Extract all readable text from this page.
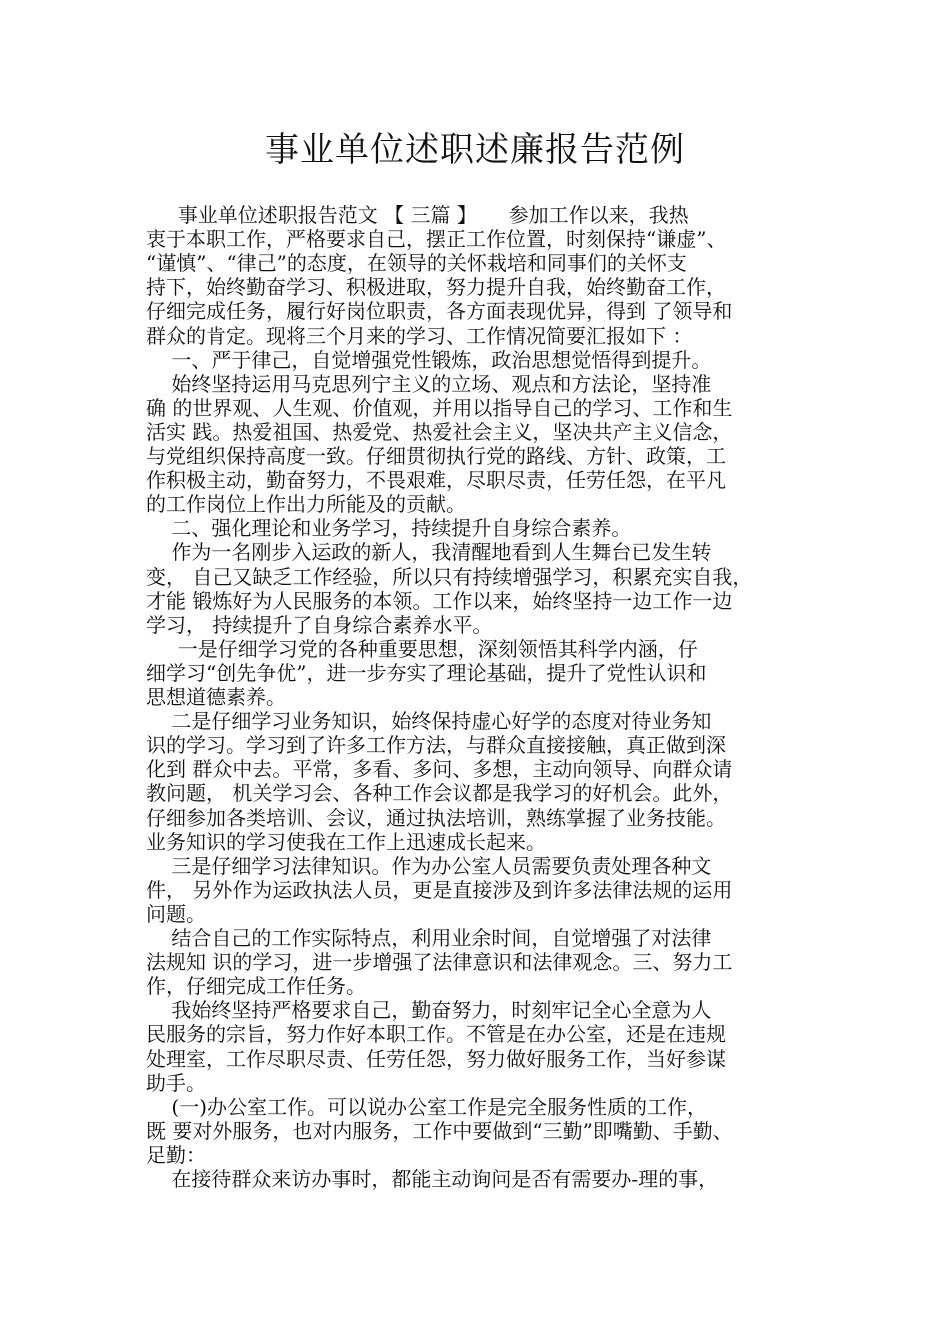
事业单位述职述廉报告范例
事业单位述职报告范文 【 三篇 】     参加工作以来，我热
衷于本职工作，严格要求自己，摆正工作位置，时刻保持“谦虚”、
“谨慎”、“律己”的态度，在领导的关怀栽培和同事们的关怀支
持下，始终勤奋学习、积极进取，努力提升自我，始终勤奋工作，
仔细完成任务，履行好岗位职责，各方面表现优异，得到 了领导和
群众的肯定。现将三个月来的学习、工作情况简要汇报如下 ：
一、严于律己，自觉增强党性锻炼，政治思想觉悟得到提升。
始终坚持运用马克思列宁主义的立场、观点和方法论，坚持准
确 的世界观、人生观、价值观，并用以指导自己的学习、工作和生
活实 践。热爱祖国、热爱党、热爱社会主义，坚决共产主义信念，
与党组织保持高度一致。仔细贯彻执行党的路线、方针、政策，工
作积极主动，勤奋努力，不畏艰难，尽职尽责，任劳任怨，在平凡
的工作岗位上作出力所能及的贡献。
二、强化理论和业务学习，持续提升自身综合素养。
作为一名刚步入运政的新人，我清醒地看到人生舞台已发生转
变， 自己又缺乏工作经验，所以只有持续增强学习，积累充实自我，
才能 锻炼好为人民服务的本领。工作以来，始终坚持一边工作一边
学习， 持续提升了自身综合素养水平。
一是仔细学习党的各种重要思想，深刻领悟其科学内涵，仔
细学习“创先争优”，进一步夯实了理论基础，提升了党性认识和
思想道德素养。
二是仔细学习业务知识，始终保持虚心好学的态度对待业务知
识的学习。学习到了许多工作方法，与群众直接接触，真正做到深
化到 群众中去。平常，多看、多问、多想，主动向领导、向群众请
教问题， 机关学习会、各种工作会议都是我学习的好机会。此外，
仔细参加各类培训、会议，通过执法培训，熟练掌握了业务技能。
业务知识的学习使我在工作上迅速成长起来。
三是仔细学习法律知识。作为办公室人员需要负责处理各种文
件， 另外作为运政执法人员，更是直接涉及到许多法律法规的运用
问题。
结合自己的工作实际特点，利用业余时间，自觉增强了对法律
法规知 识的学习，进一步增强了法律意识和法律观念。三、努力工
作，仔细完成工作任务。
我始终坚持严格要求自己，勤奋努力，时刻牢记全心全意为人
民服务的宗旨，努力作好本职工作。不管是在办公室，还是在违规
处理室，工作尽职尽责、任劳任怨，努力做好服务工作，当好参谋
助手。
(一)办公室工作。可以说办公室工作是完全服务性质的工作，
既 要对外服务，也对内服务，工作中要做到“三勤”即嘴勤、手勤、
足勤：
在接待群众来访办事时，都能主动询问是否有需要办-理的事，
